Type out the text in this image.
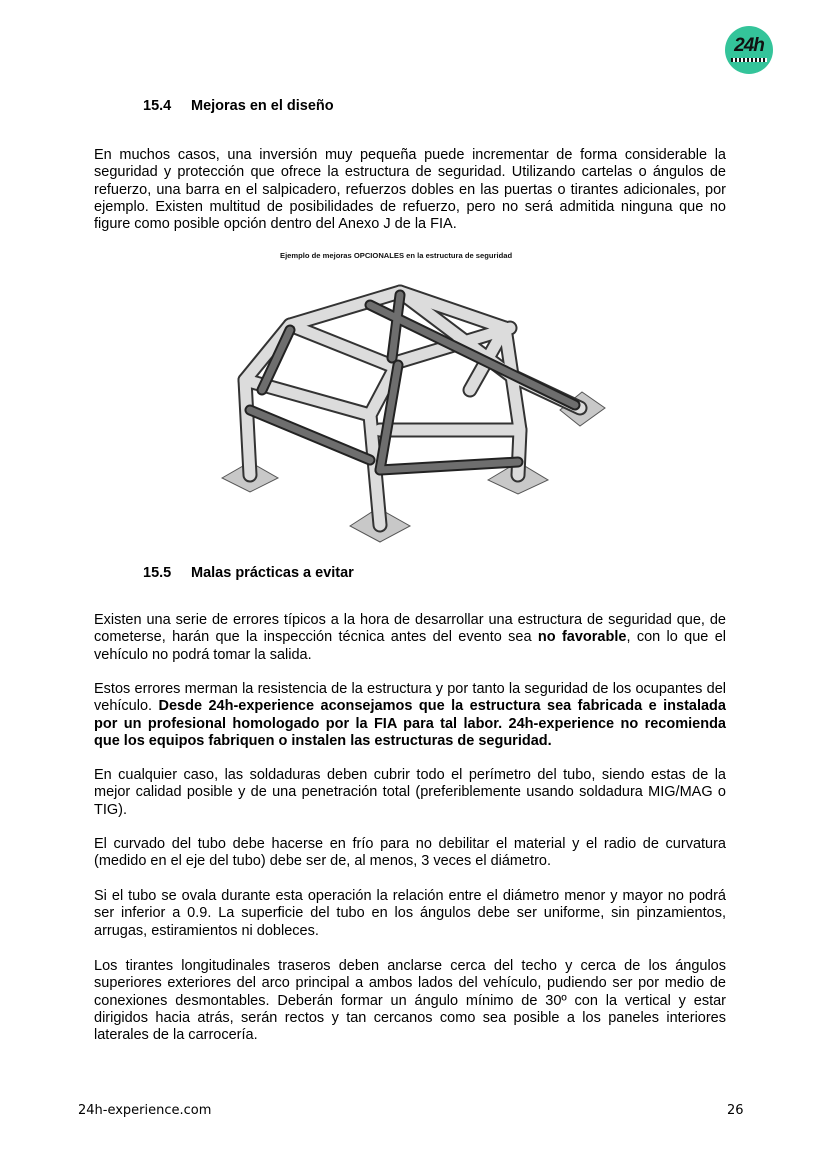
24h
15.4 Mejoras en el diseño

En muchos casos, una inversión muy pequeña puede incrementar de forma considerable la seguridad y protección que ofrece la estructura de seguridad. Utilizando cartelas o ángulos de refuerzo, una barra en el salpicadero, refuerzos dobles en las puertas o tirantes adicionales, por ejemplo. Existen multitud de posibilidades de refuerzo, pero no será admitida ninguna que no figure como posible opción dentro del Anexo J de la FIA.

Ejemplo de mejoras OPCIONALES en la estructura de seguridad
15.5 Malas prácticas a evitar

Existen una serie de errores típicos a la hora de desarrollar una estructura de seguridad que, de cometerse, harán que la inspección técnica antes del evento sea no favorable, con lo que el vehículo no podrá tomar la salida.

Estos errores merman la resistencia de la estructura y por tanto la seguridad de los ocupantes del vehículo. Desde 24h-experience aconsejamos que la estructura sea fabricada e instalada por un profesional homologado por la FIA para tal labor. 24h-experience no recomienda que los equipos fabriquen o instalen las estructuras de seguridad.

En cualquier caso, las soldaduras deben cubrir todo el perímetro del tubo, siendo estas de la mejor calidad posible y de una penetración total (preferiblemente usando soldadura MIG/MAG o TIG).

El curvado del tubo debe hacerse en frío para no debilitar el material y el radio de curvatura (medido en el eje del tubo) debe ser de, al menos, 3 veces el diámetro.

Si el tubo se ovala durante esta operación la relación entre el diámetro menor y mayor no podrá ser inferior a 0.9. La superficie del tubo en los ángulos debe ser uniforme, sin pinzamientos, arrugas, estiramientos ni dobleces.

Los tirantes longitudinales traseros deben anclarse cerca del techo y cerca de los ángulos superiores exteriores del arco principal a ambos lados del vehículo, pudiendo ser por medio de conexiones desmontables. Deberán formar un ángulo mínimo de 30º con la vertical y estar dirigidos hacia atrás, serán rectos y tan cercanos como sea posible a los paneles interiores laterales de la carrocería.

24h-experience.com	26
